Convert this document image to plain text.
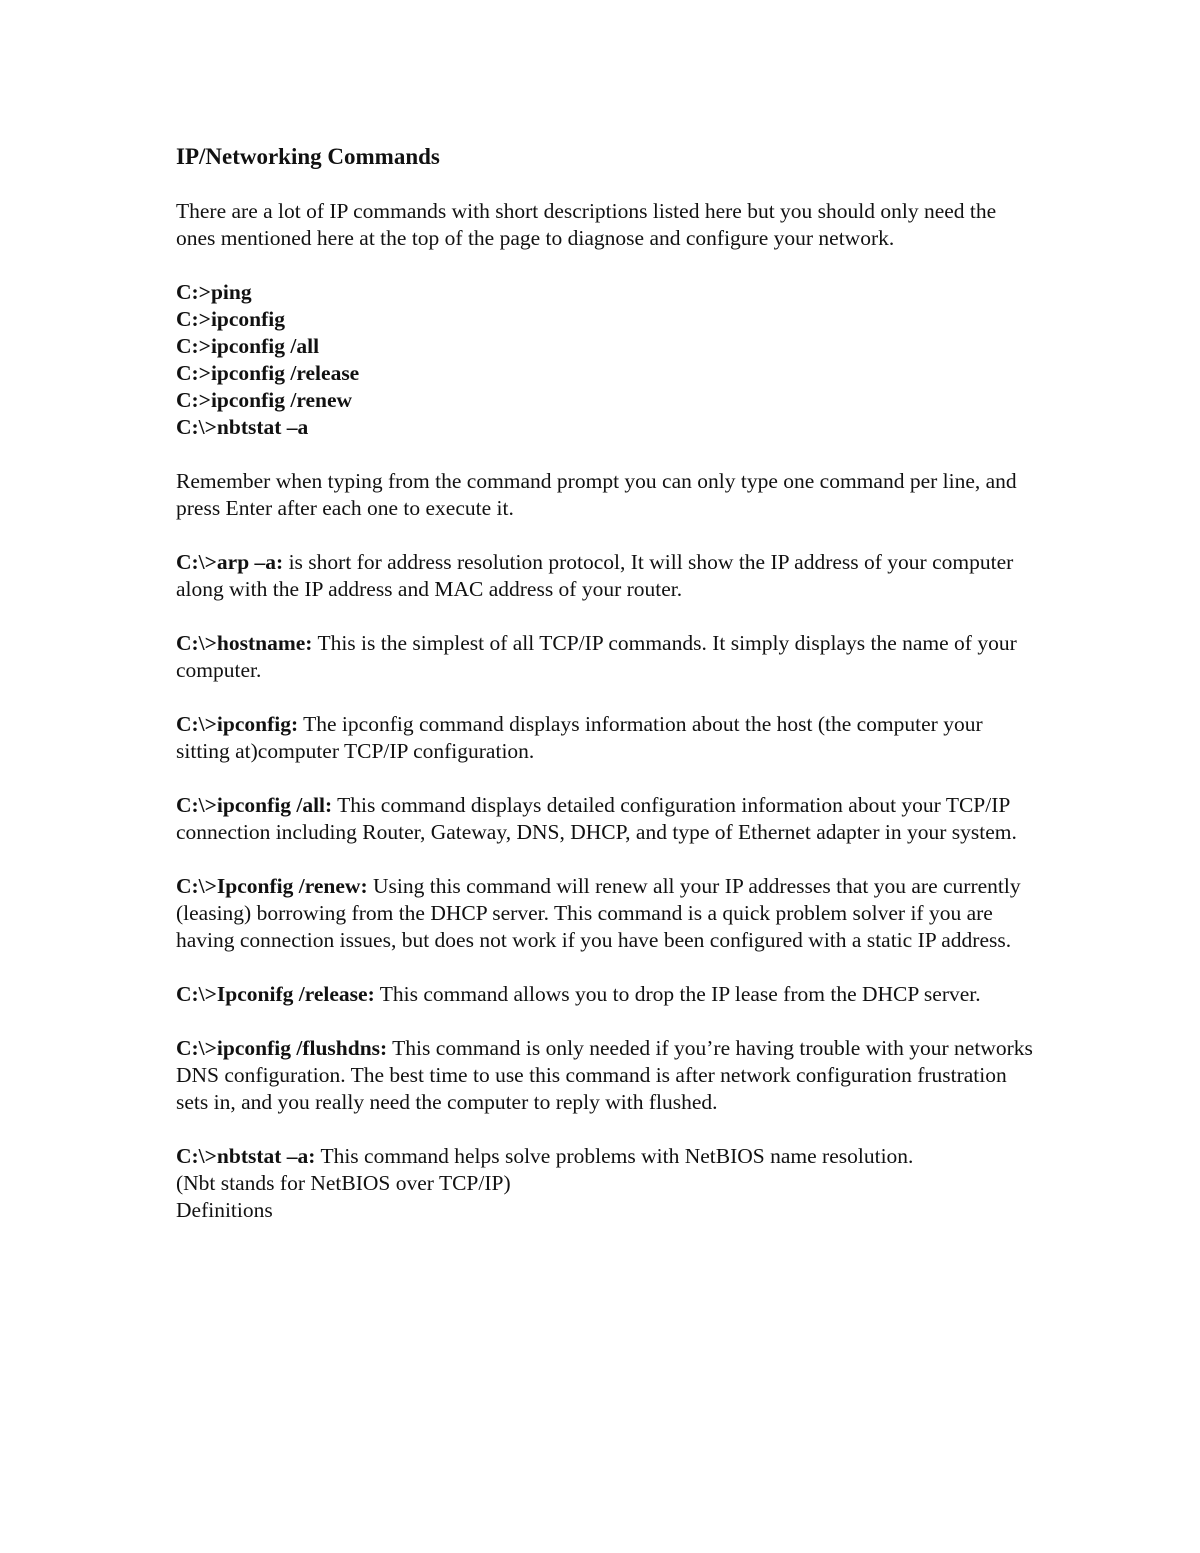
IP/Networking Commands
There are a lot of IP commands with short descriptions listed here but you should only need the ones mentioned here at the top of the page to diagnose and configure your network.
C:>ping
C:>ipconfig
C:>ipconfig /all
C:>ipconfig /release
C:>ipconfig /renew
C:\>nbtstat –a
Remember when typing from the command prompt you can only type one command per line, and press Enter after each one to execute it.
C:\>arp –a: is short for address resolution protocol, It will show the IP address of your computer along with the IP address and MAC address of your router.
C:\>hostname: This is the simplest of all TCP/IP commands. It simply displays the name of your computer.
C:\>ipconfig: The ipconfig command displays information about the host (the computer your sitting at)computer TCP/IP configuration.
C:\>ipconfig /all: This command displays detailed configuration information about your TCP/IP connection including Router, Gateway, DNS, DHCP, and type of Ethernet adapter in your system.
C:\>Ipconfig /renew: Using this command will renew all your IP addresses that you are currently (leasing) borrowing from the DHCP server. This command is a quick problem solver if you are having connection issues, but does not work if you have been configured with a static IP address.
C:\>Ipconifg /release: This command allows you to drop the IP lease from the DHCP server.
C:\>ipconfig /flushdns: This command is only needed if you’re having trouble with your networks DNS configuration. The best time to use this command is after network configuration frustration sets in, and you really need the computer to reply with flushed.
C:\>nbtstat –a: This command helps solve problems with NetBIOS name resolution.
(Nbt stands for NetBIOS over TCP/IP)
Definitions
